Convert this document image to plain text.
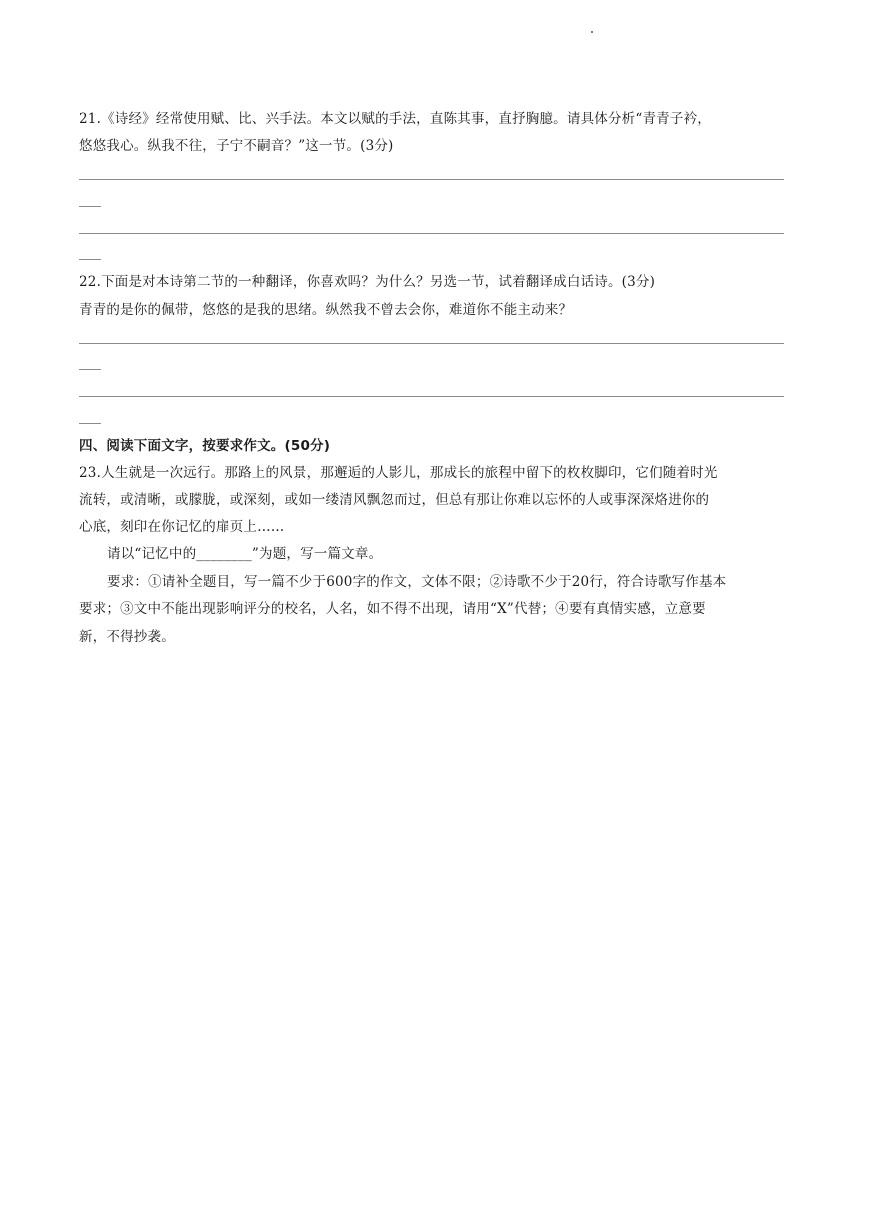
21.《诗经》经常使用赋、比、兴手法。本文以赋的手法，直陈其事，直抒胸臆。请具体分析“青青子衿，
悠悠我心。纵我不往，子宁不嗣音？”这一节。(3分)
22.下面是对本诗第二节的一种翻译，你喜欢吗？为什么？另选一节，试着翻译成白话诗。(3分)
青青的是你的佩带，悠悠的是我的思绪。纵然我不曾去会你，难道你不能主动来？
四、阅读下面文字，按要求作文。(50分)
23.人生就是一次远行。那路上的风景，那邂逅的人影儿，那成长的旅程中留下的枚枚脚印，它们随着时光
流转，或清晰，或朦胧，或深刻，或如一缕清风飘忽而过，但总有那让你难以忘怀的人或事深深烙进你的
心底，刻印在你记忆的扉页上……
请以“记忆中的________”为题，写一篇文章。
要求：①请补全题目，写一篇不少于600字的作文，文体不限；②诗歌不少于20行，符合诗歌写作基本
要求；③文中不能出现影响评分的校名，人名，如不得不出现，请用“X”代替；④要有真情实感，立意要
新，不得抄袭。
